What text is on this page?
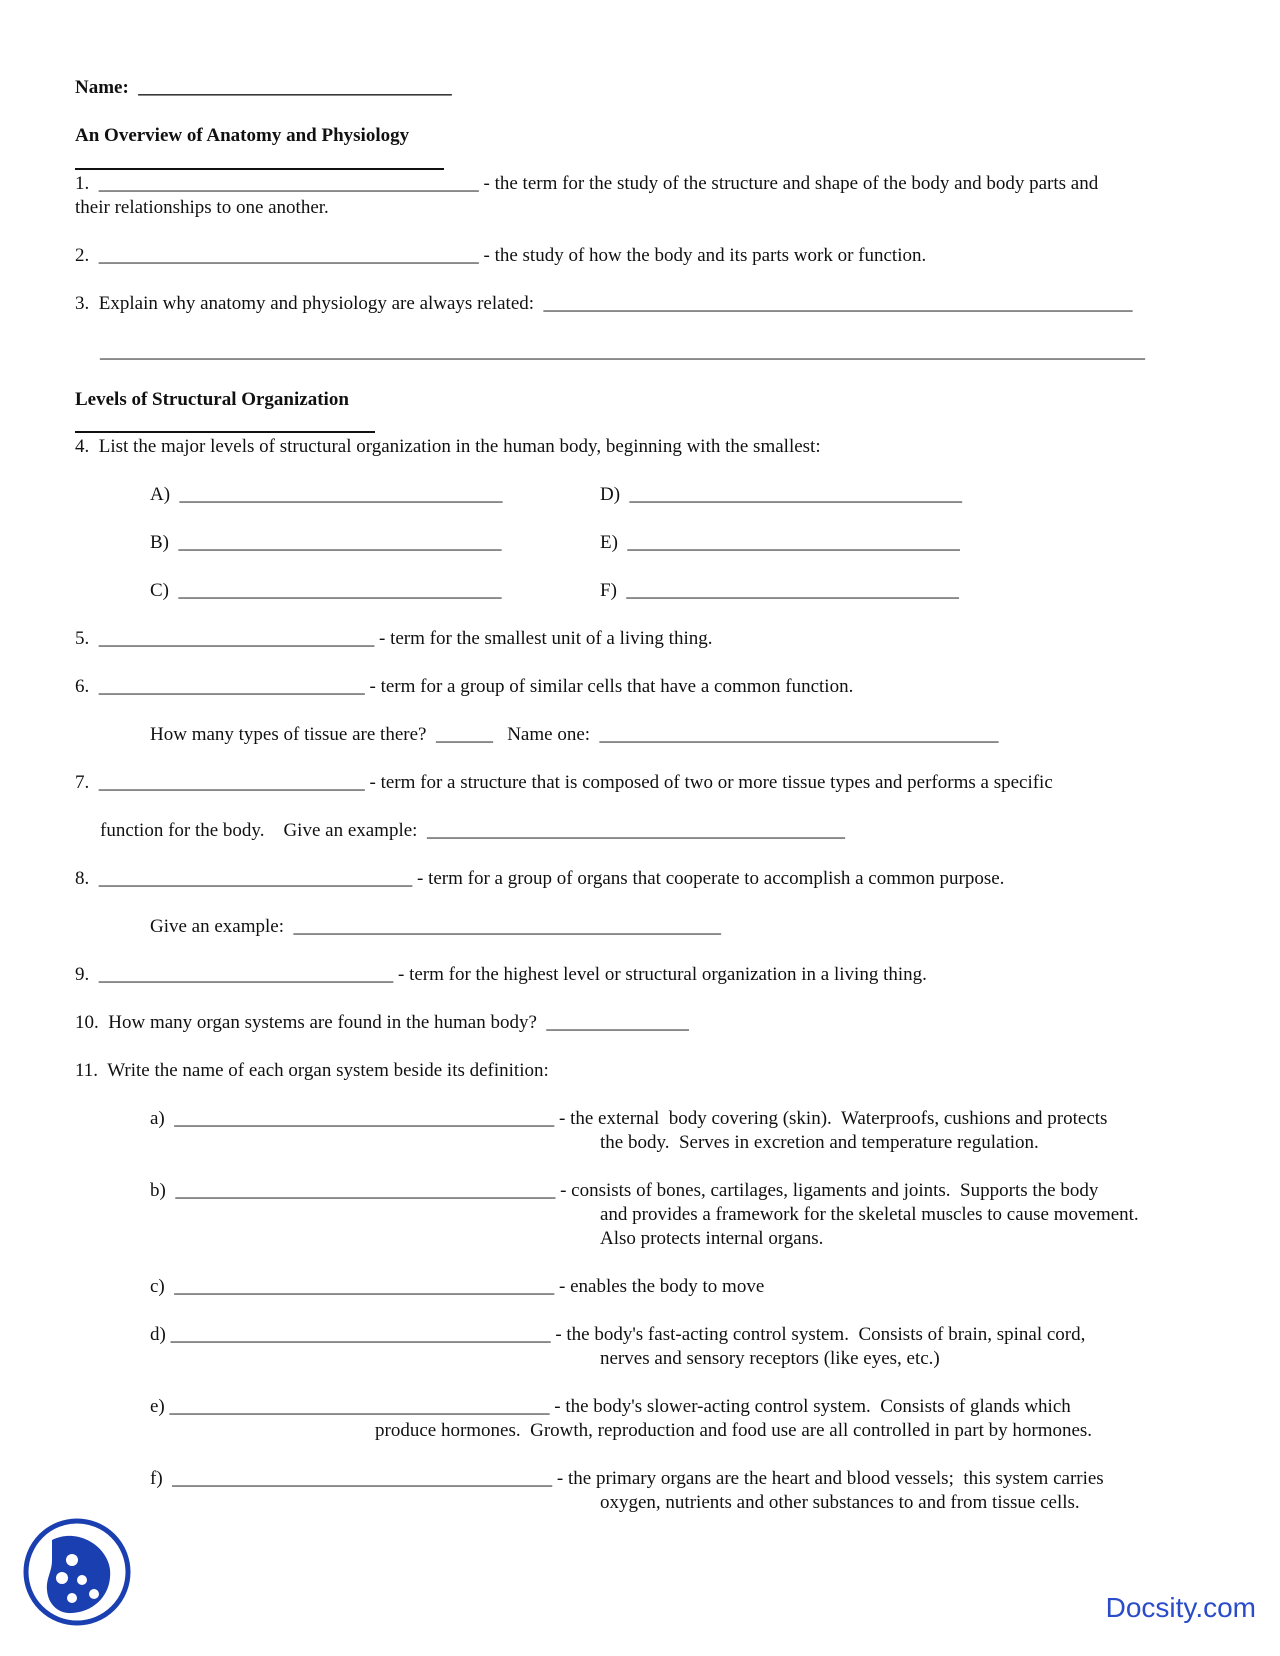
Name:  _________________________________
An Overview of Anatomy and Physiology
1.  ________________________________________ - the term for the study of the structure and shape of the body and body parts and
their relationships to one another.
2.  ________________________________________ - the study of how the body and its parts work or function.
3.  Explain why anatomy and physiology are always related:  ______________________________________________________________
______________________________________________________________________________________________________________
Levels of Structural Organization
4.  List the major levels of structural organization in the human body, beginning with the smallest:
A)  __________________________________	D)  ___________________________________
B)  __________________________________	E)  ___________________________________
C)  __________________________________	F)  ___________________________________
5.  _____________________________ - term for the smallest unit of a living thing.
6.  ____________________________ - term for a group of similar cells that have a common function.
How many types of tissue are there?  ______   Name one:  __________________________________________
7.  ____________________________ - term for a structure that is composed of two or more tissue types and performs a specific
function for the body.    Give an example:  ____________________________________________
8.  _________________________________ - term for a group of organs that cooperate to accomplish a common purpose.
Give an example:  _____________________________________________
9.  _______________________________ - term for the highest level or structural organization in a living thing.
10.  How many organ systems are found in the human body?  _______________
11.  Write the name of each organ system beside its definition:
a)  ________________________________________ - the external  body covering (skin).  Waterproofs, cushions and protects
the body.  Serves in excretion and temperature regulation.
b)  ________________________________________ - consists of bones, cartilages, ligaments and joints.  Supports the body
and provides a framework for the skeletal muscles to cause movement.
Also protects internal organs.
c)  ________________________________________ - enables the body to move
d) ________________________________________ - the body's fast-acting control system.  Consists of brain, spinal cord,
nerves and sensory receptors (like eyes, etc.)
e) ________________________________________ - the body's slower-acting control system.  Consists of glands which
produce hormones.  Growth, reproduction and food use are all controlled in part by hormones.
f)  ________________________________________ - the primary organs are the heart and blood vessels;  this system carries
oxygen, nutrients and other substances to and from tissue cells.
Docsity.com
